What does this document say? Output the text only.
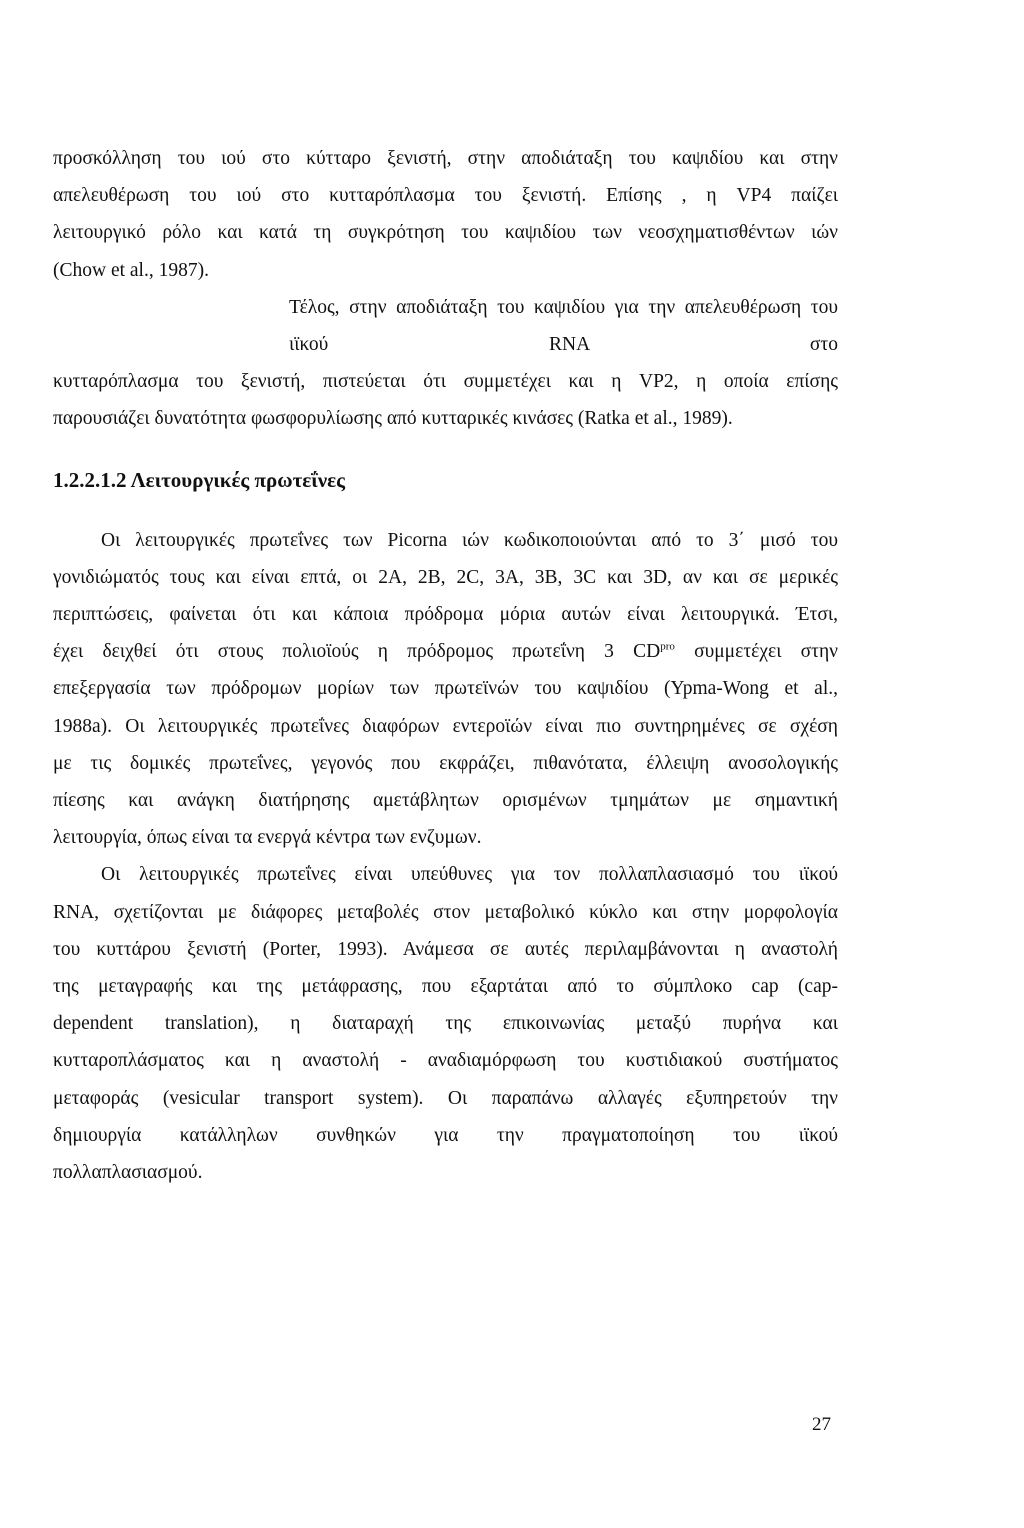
προσκόλληση του ιού στο κύτταρο ξενιστή, στην αποδιάταξη του καψιδίου και στην
απελευθέρωση του ιού στο κυτταρόπλασμα του ξενιστή. Επίσης , η VP4 παίζει
λειτουργικό ρόλο και κατά τη συγκρότηση του καψιδίου των νεοσχηματισθέντων ιών
(Chow et al., 1987).
Τέλος, στην αποδιάταξη του καψιδίου για την απελευθέρωση του ιϊκού RNA στο
κυτταρόπλασμα του ξενιστή, πιστεύεται ότι συμμετέχει και η VP2, η οποία επίσης
παρουσιάζει δυνατότητα φωσφορυλίωσης από κυτταρικές κινάσες (Ratka et al., 1989).
1.2.2.1.2 Λειτουργικές πρωτεΐνες
Οι λειτουργικές πρωτεΐνες των Picorna ιών κωδικοποιούνται από το 3΄ μισό του
γονιδιώματός τους και είναι επτά, οι 2A, 2B, 2C, 3A, 3B, 3C και 3D, αν και σε μερικές
περιπτώσεις, φαίνεται ότι και κάποια πρόδρομα μόρια αυτών είναι λειτουργικά. Έτσι,
έχει δειχθεί ότι στους πολιοϊούς η πρόδρομος πρωτεΐνη 3 $CD^{pro}$ συμμετέχει στην
επεξεργασία των πρόδρομων μορίων των πρωτεϊνών του καψιδίου (Ypma-Wong et al.,
1988a). Οι λειτουργικές πρωτεΐνες διαφόρων εντεροϊών είναι πιο συντηρημένες σε σχέση
με τις δομικές πρωτεΐνες, γεγονός που εκφράζει, πιθανότατα, έλλειψη ανοσολογικής
πίεσης και ανάγκη διατήρησης αμετάβλητων ορισμένων τμημάτων με σημαντική
λειτουργία, όπως είναι τα ενεργά κέντρα των ενζυμων.
Οι λειτουργικές πρωτεΐνες είναι υπεύθυνες για τον πολλαπλασιασμό του ιϊκού
RNA, σχετίζονται με διάφορες μεταβολές στον μεταβολικό κύκλο και στην μορφολογία
του κυττάρου ξενιστή (Porter, 1993). Ανάμεσα σε αυτές περιλαμβάνονται η αναστολή
της μεταγραφής και της μετάφρασης, που εξαρτάται από το σύμπλοκο cap (cap-
dependent translation), η διαταραχή της επικοινωνίας μεταξύ πυρήνα και
κυτταροπλάσματος και η αναστολή - αναδιαμόρφωση του κυστιδιακού συστήματος
μεταφοράς (vesicular transport system). Οι παραπάνω αλλαγές εξυπηρετούν την
δημιουργία κατάλληλων συνθηκών για την πραγματοποίηση του ιϊκού
πολλαπλασιασμού.
27
